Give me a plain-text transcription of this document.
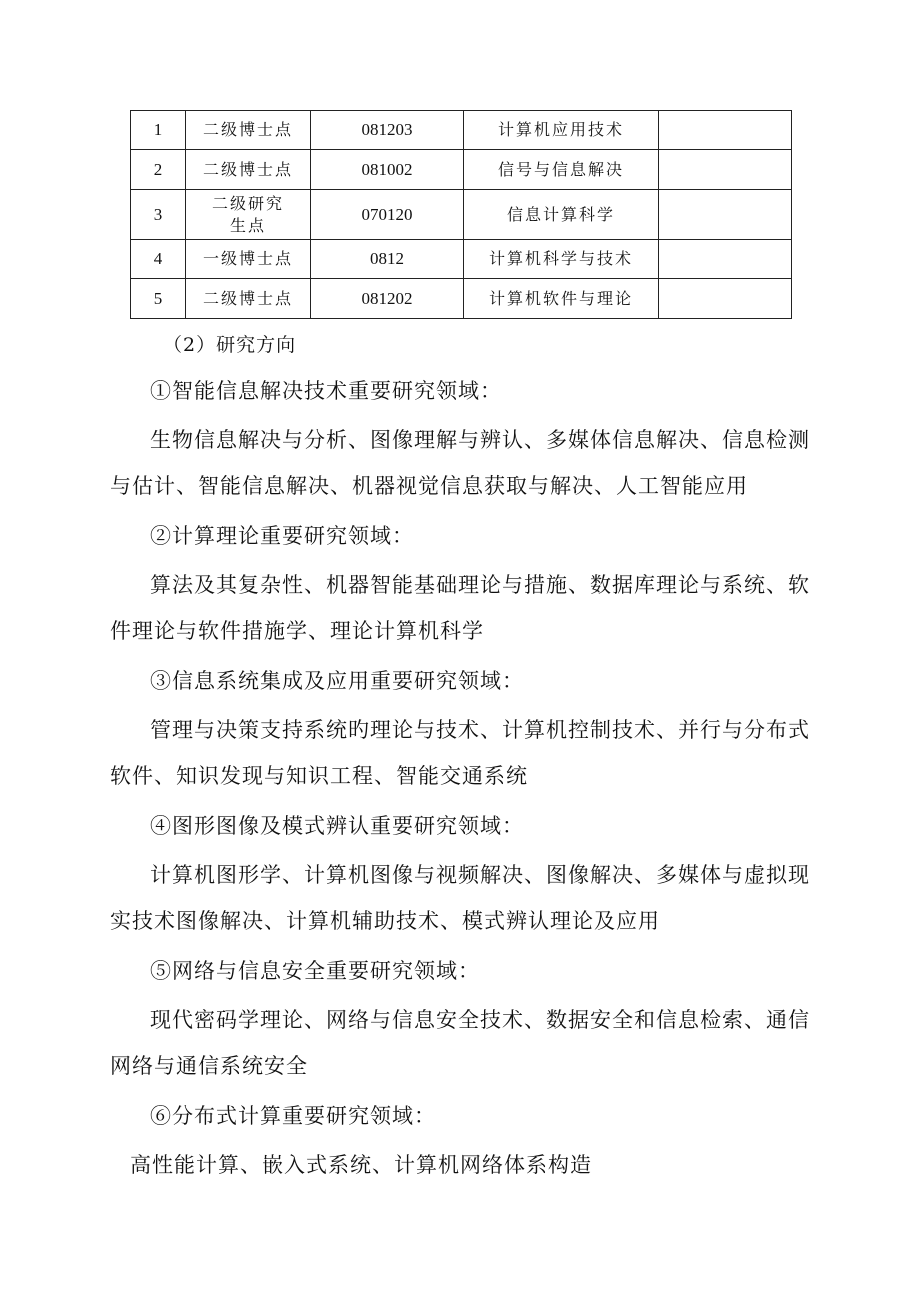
1	二级博士点	081203	计算机应用技术	
2	二级博士点	081002	信号与信息解决	
3	二级研究生点	070120	信息计算科学	
4	一级博士点	0812	计算机科学与技术	
5	二级博士点	081202	计算机软件与理论	
（2）研究方向
①智能信息解决技术重要研究领域：
生物信息解决与分析、图像理解与辨认、多媒体信息解决、信息检测
与估计、智能信息解决、机器视觉信息获取与解决、人工智能应用
②计算理论重要研究领域：
算法及其复杂性、机器智能基础理论与措施、数据库理论与系统、软
件理论与软件措施学、理论计算机科学
③信息系统集成及应用重要研究领域：
管理与决策支持系统旳理论与技术、计算机控制技术、并行与分布式
软件、知识发现与知识工程、智能交通系统
④图形图像及模式辨认重要研究领域：
计算机图形学、计算机图像与视频解决、图像解决、多媒体与虚拟现
实技术图像解决、计算机辅助技术、模式辨认理论及应用
⑤网络与信息安全重要研究领域：
现代密码学理论、网络与信息安全技术、数据安全和信息检索、通信
网络与通信系统安全
⑥分布式计算重要研究领域：
高性能计算、嵌入式系统、计算机网络体系构造
